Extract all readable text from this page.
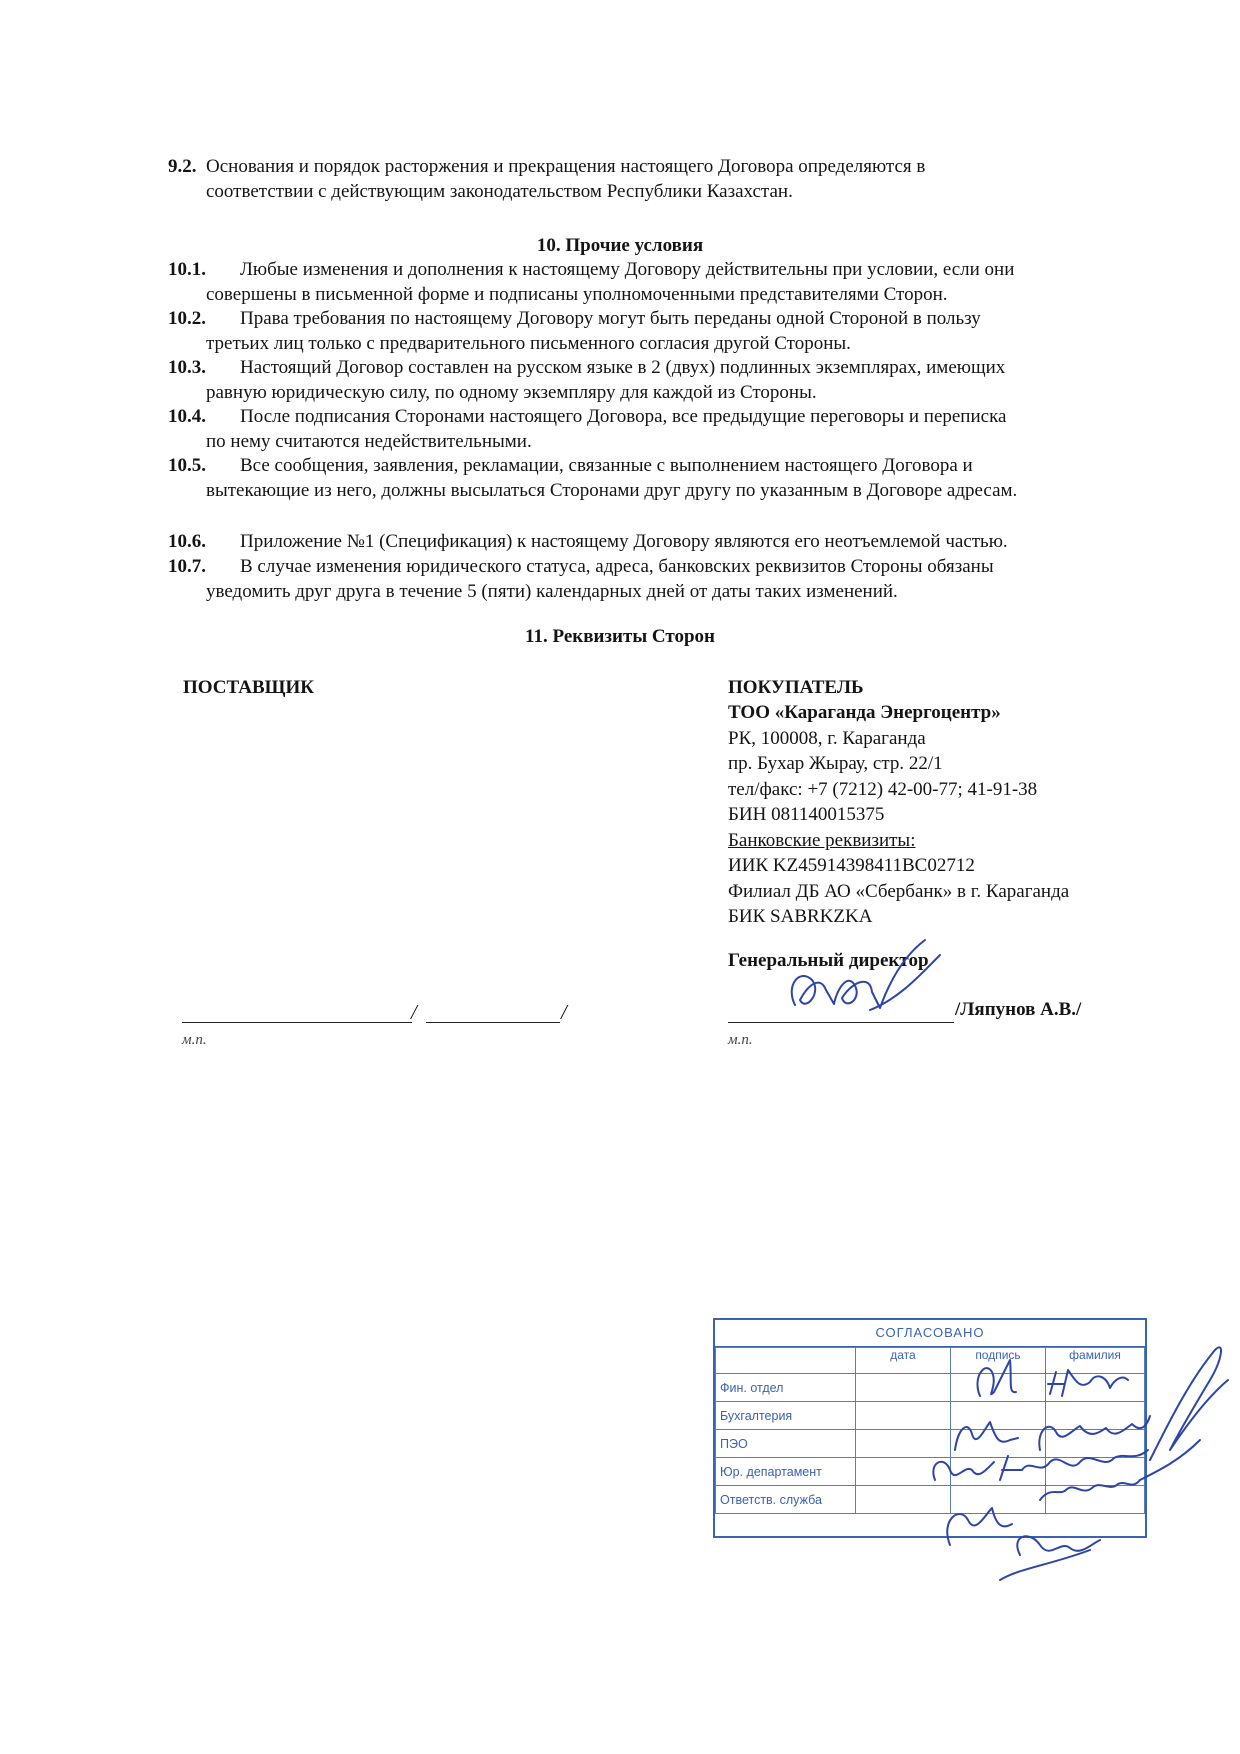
9.2. Основания и порядок расторжения и прекращения настоящего Договора определяются в
соответствии с действующим законодательством Республики Казахстан.
10. Прочие условия
10.1. Любые изменения и дополнения к настоящему Договору действительны при условии, если они
совершены в письменной форме и подписаны уполномоченными представителями Сторон.
10.2. Права требования по настоящему Договору могут быть переданы одной Стороной в пользу
третьих лиц только с предварительного письменного согласия другой Стороны.
10.3. Настоящий Договор составлен на русском языке в 2 (двух) подлинных экземплярах, имеющих
равную юридическую силу, по одному экземпляру для каждой из Стороны.
10.4. После подписания Сторонами настоящего Договора, все предыдущие переговоры и переписка
по нему считаются недействительными.
10.5. Все сообщения, заявления, рекламации, связанные с выполнением настоящего Договора и
вытекающие из него, должны высылаться Сторонами друг другу по указанным в Договоре адресам.
10.6. Приложение №1 (Спецификация) к настоящему Договору являются его неотъемлемой частью.
10.7. В случае изменения юридического статуса, адреса, банковских реквизитов Стороны обязаны
уведомить друг друга в течение 5 (пяти) календарных дней от даты таких изменений.
11. Реквизиты Сторон
ПОСТАВЩИК	ПОКУПАТЕЛЬ
ТОО «Караганда Энергоцентр»
РК, 100008, г. Караганда
пр. Бухар Жырау, стр. 22/1
тел/факс: +7 (7212) 42-00-77; 41-91-38
БИН 081140015375
Банковские реквизиты:
ИИК KZ45914398411BC02712
Филиал ДБ АО «Сбербанк» в г. Караганда
БИК SABRKZKA
Генеральный директор
/	/
м.п.
/Ляпунов А.В./
м.п.
СОГЛАСОВАНО
	дата	подпись	фамилия
Фин. отдел			
Бухгалтерия			
ПЭО			
Юр. департамент			
Ответств. служба			
